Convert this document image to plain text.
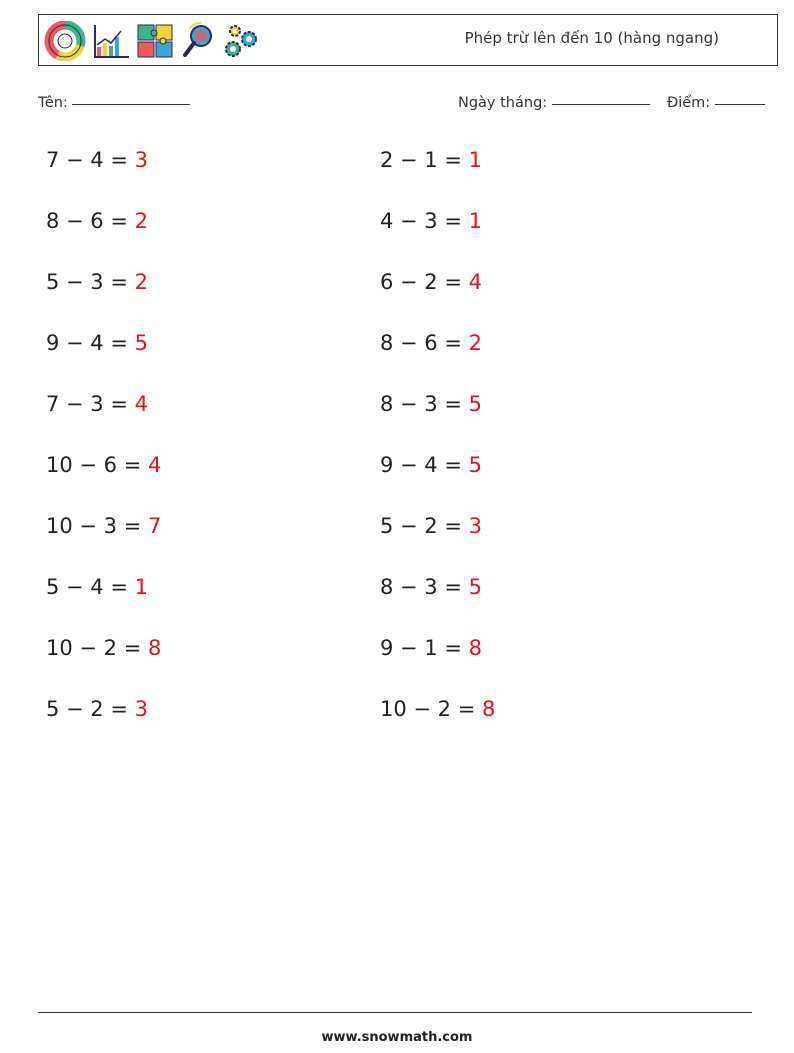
Phép trừ lên đến 10 (hàng ngang)
Tên:	Ngày tháng:	Điểm:
7 − 4 = 3
8 − 6 = 2
5 − 3 = 2
9 − 4 = 5
7 − 3 = 4
10 − 6 = 4
10 − 3 = 7
5 − 4 = 1
10 − 2 = 8
5 − 2 = 3
2 − 1 = 1
4 − 3 = 1
6 − 2 = 4
8 − 6 = 2
8 − 3 = 5
9 − 4 = 5
5 − 2 = 3
8 − 3 = 5
9 − 1 = 8
10 − 2 = 8
www.snowmath.com
